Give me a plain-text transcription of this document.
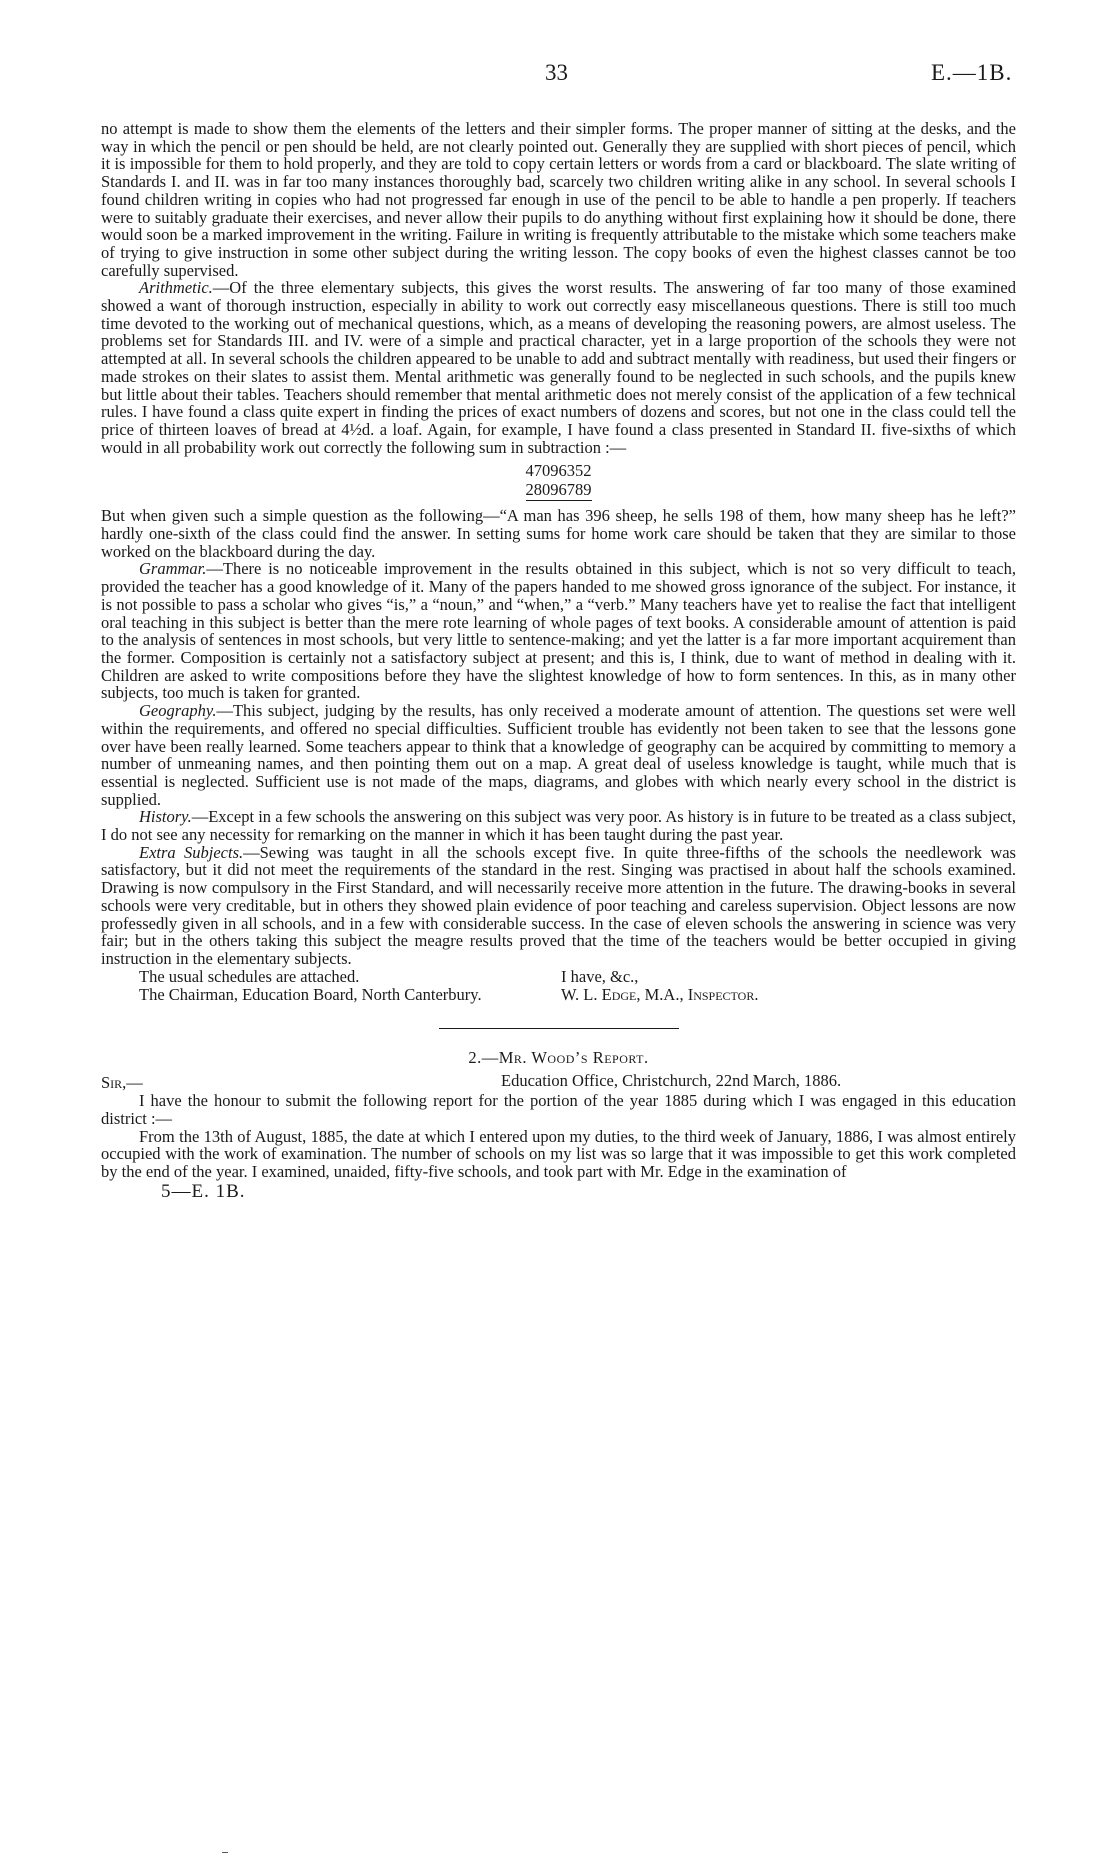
33	E.—1B.

no attempt is made to show them the elements of the letters and their simpler forms. The proper manner of sitting at the desks, and the way in which the pencil or pen should be held, are not clearly pointed out. Generally they are supplied with short pieces of pencil, which it is impossible for them to hold properly, and they are told to copy certain letters or words from a card or blackboard. The slate writing of Standards I. and II. was in far too many instances thoroughly bad, scarcely two children writing alike in any school. In several schools I found children writing in copies who had not progressed far enough in use of the pencil to be able to handle a pen properly. If teachers were to suitably graduate their exercises, and never allow their pupils to do anything without first explaining how it should be done, there would soon be a marked improvement in the writing. Failure in writing is frequently attributable to the mistake which some teachers make of trying to give instruction in some other subject during the writing lesson. The copy books of even the highest classes cannot be too carefully supervised.

Arithmetic.—Of the three elementary subjects, this gives the worst results. The answering of far too many of those examined showed a want of thorough instruction, especially in ability to work out correctly easy miscellaneous questions. There is still too much time devoted to the working out of mechanical questions, which, as a means of developing the reasoning powers, are almost useless. The problems set for Standards III. and IV. were of a simple and practical character, yet in a large proportion of the schools they were not attempted at all. In several schools the children appeared to be unable to add and subtract mentally with readiness, but used their fingers or made strokes on their slates to assist them. Mental arithmetic was generally found to be neglected in such schools, and the pupils knew but little about their tables. Teachers should remember that mental arithmetic does not merely consist of the application of a few technical rules. I have found a class quite expert in finding the prices of exact numbers of dozens and scores, but not one in the class could tell the price of thirteen loaves of bread at 4½d. a loaf. Again, for example, I have found a class presented in Standard II. five-sixths of which would in all probability work out correctly the following sum in subtraction :—

47096352
28096789

But when given such a simple question as the following—“A man has 396 sheep, he sells 198 of them, how many sheep has he left?” hardly one-sixth of the class could find the answer. In setting sums for home work care should be taken that they are similar to those worked on the blackboard during the day.

Grammar.—There is no noticeable improvement in the results obtained in this subject, which is not so very difficult to teach, provided the teacher has a good knowledge of it. Many of the papers handed to me showed gross ignorance of the subject. For instance, it is not possible to pass a scholar who gives “is,” a “noun,” and “when,” a “verb.” Many teachers have yet to realise the fact that intelligent oral teaching in this subject is better than the mere rote learning of whole pages of text books. A considerable amount of attention is paid to the analysis of sentences in most schools, but very little to sentence-making; and yet the latter is a far more important acquirement than the former. Composition is certainly not a satisfactory subject at present; and this is, I think, due to want of method in dealing with it. Children are asked to write compositions before they have the slightest knowledge of how to form sentences. In this, as in many other subjects, too much is taken for granted.

Geography.—This subject, judging by the results, has only received a moderate amount of attention. The questions set were well within the requirements, and offered no special difficulties. Sufficient trouble has evidently not been taken to see that the lessons gone over have been really learned. Some teachers appear to think that a knowledge of geography can be acquired by committing to memory a number of unmeaning names, and then pointing them out on a map. A great deal of useless knowledge is taught, while much that is essential is neglected. Sufficient use is not made of the maps, diagrams, and globes with which nearly every school in the district is supplied.

History.—Except in a few schools the answering on this subject was very poor. As history is in future to be treated as a class subject, I do not see any necessity for remarking on the manner in which it has been taught during the past year.

Extra Subjects.—Sewing was taught in all the schools except five. In quite three-fifths of the schools the needlework was satisfactory, but it did not meet the requirements of the standard in the rest. Singing was practised in about half the schools examined. Drawing is now compulsory in the First Standard, and will necessarily receive more attention in the future. The drawing-books in several schools were very creditable, but in others they showed plain evidence of poor teaching and careless supervision. Object lessons are now professedly given in all schools, and in a few with considerable success. In the case of eleven schools the answering in science was very fair; but in the others taking this subject the meagre results proved that the time of the teachers would be better occupied in giving instruction in the elementary subjects.

The usual schedules are attached.	I have, &c.,
The Chairman, Education Board, North Canterbury.	W. L. Edge, M.A., Inspector.
2.—Mr. Wood’s Report.
Sir,—	Education Office, Christchurch, 22nd March, 1886.

I have the honour to submit the following report for the portion of the year 1885 during which I was engaged in this education district :—

From the 13th of August, 1885, the date at which I entered upon my duties, to the third week of January, 1886, I was almost entirely occupied with the work of examination. The number of schools on my list was so large that it was impossible to get this work completed by the end of the year. I examined, unaided, fifty-five schools, and took part with Mr. Edge in the examination of

5—E. 1B.
